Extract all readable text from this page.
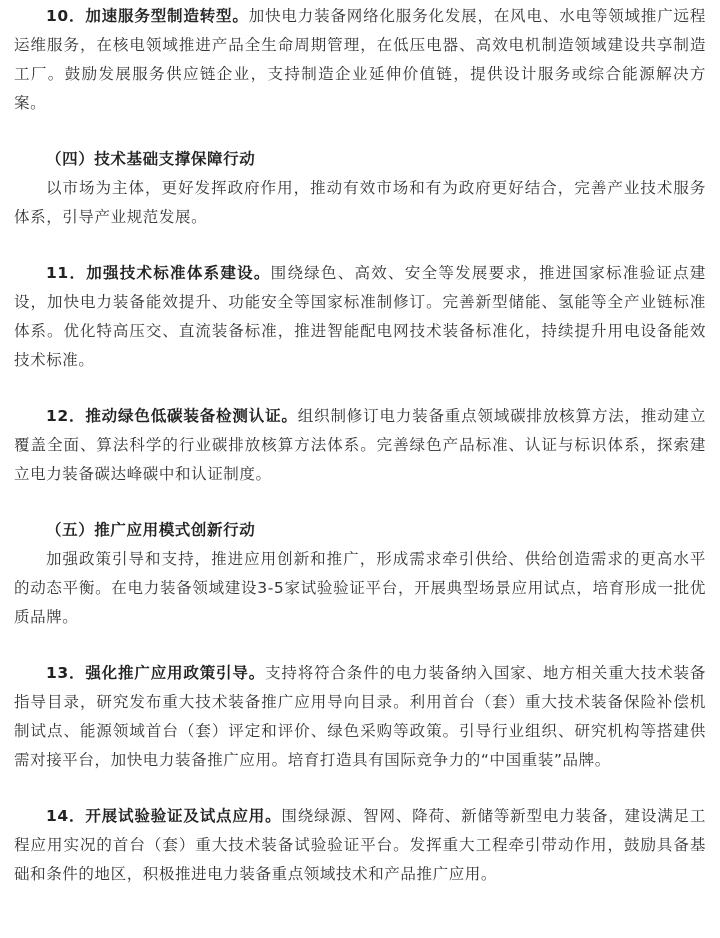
10．加速服务型制造转型。加快电力装备网络化服务化发展，在风电、水电等领域推广远程运维服务，在核电领域推进产品全生命周期管理，在低压电器、高效电机制造领域建设共享制造工厂。鼓励发展服务供应链企业，支持制造企业延伸价值链，提供设计服务或综合能源解决方案。

（四）技术基础支撑保障行动

以市场为主体，更好发挥政府作用，推动有效市场和有为政府更好结合，完善产业技术服务体系，引导产业规范发展。

11．加强技术标准体系建设。围绕绿色、高效、安全等发展要求，推进国家标准验证点建设，加快电力装备能效提升、功能安全等国家标准制修订。完善新型储能、氢能等全产业链标准体系。优化特高压交、直流装备标准，推进智能配电网技术装备标准化，持续提升用电设备能效技术标准。

12．推动绿色低碳装备检测认证。组织制修订电力装备重点领域碳排放核算方法，推动建立覆盖全面、算法科学的行业碳排放核算方法体系。完善绿色产品标准、认证与标识体系，探索建立电力装备碳达峰碳中和认证制度。

（五）推广应用模式创新行动

加强政策引导和支持，推进应用创新和推广，形成需求牵引供给、供给创造需求的更高水平的动态平衡。在电力装备领域建设3-5家试验验证平台，开展典型场景应用试点，培育形成一批优质品牌。

13．强化推广应用政策引导。支持将符合条件的电力装备纳入国家、地方相关重大技术装备指导目录，研究发布重大技术装备推广应用导向目录。利用首台（套）重大技术装备保险补偿机制试点、能源领域首台（套）评定和评价、绿色采购等政策。引导行业组织、研究机构等搭建供需对接平台，加快电力装备推广应用。培育打造具有国际竞争力的“中国重装”品牌。

14．开展试验验证及试点应用。围绕绿源、智网、降荷、新储等新型电力装备，建设满足工程应用实况的首台（套）重大技术装备试验验证平台。发挥重大工程牵引带动作用，鼓励具备基础和条件的地区，积极推进电力装备重点领域技术和产品推广应用。
